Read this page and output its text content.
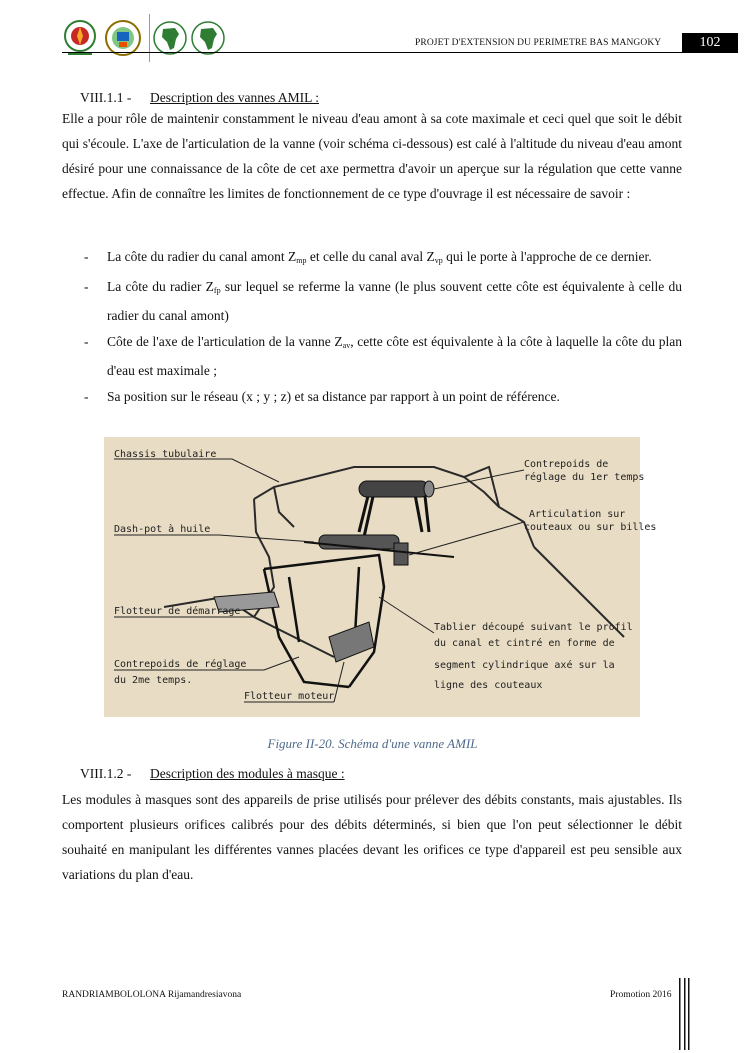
PROJET D'EXTENSION DU PERIMETRE BAS MANGOKY	102
VIII.1.1 - Description des vannes AMIL :
Elle a pour rôle de maintenir constamment le niveau d'eau amont à sa cote maximale et ceci quel que soit le débit qui s'écoule. L'axe de l'articulation de la vanne (voir schéma ci-dessous) est calé à l'altitude du niveau d'eau amont désiré pour une connaissance de la côte de cet axe permettra d'avoir un aperçue sur la régulation que cette vanne effectue. Afin de connaître les limites de fonctionnement de ce type d'ouvrage il est nécessaire de savoir :
- La côte du radier du canal amont $Z_{mp}$ et celle du canal aval $Z_{vp}$ qui le porte à l'approche de ce dernier.
- La côte du radier $Z_{fp}$ sur lequel se referme la vanne (le plus souvent cette côte est équivalente à celle du radier du canal amont)
- Côte de l'axe de l'articulation de la vanne $Z_{av}$, cette côte est équivalente à la côte à laquelle la côte du plan d'eau est maximale ;
- Sa position sur le réseau (x ; y ; z) et sa distance par rapport à un point de référence.
Chassis tubulaire
Contrepoids de
réglage du 1er temps
Dash-pot à huile
Articulation sur
couteaux ou sur billes
Flotteur de démarrage
Tablier découpé suivant le profil
du canal et cintré en forme de
segment cylindrique axé sur la
ligne des couteaux
Contrepoids de réglage
du 2me temps.
Flotteur moteur
Figure II-20. Schéma d'une vanne AMIL
VIII.1.2 - Description des modules à masque :
Les modules à masques sont des appareils de prise utilisés pour prélever des débits constants, mais ajustables. Ils comportent plusieurs orifices calibrés pour des débits déterminés, si bien que l'on peut sélectionner le débit souhaité en manipulant les différentes vannes placées devant les orifices ce type d'appareil est peu sensible aux variations du plan d'eau.
RANDRIAMBOLOLONA Rijamandresiavona	Promotion 2016
